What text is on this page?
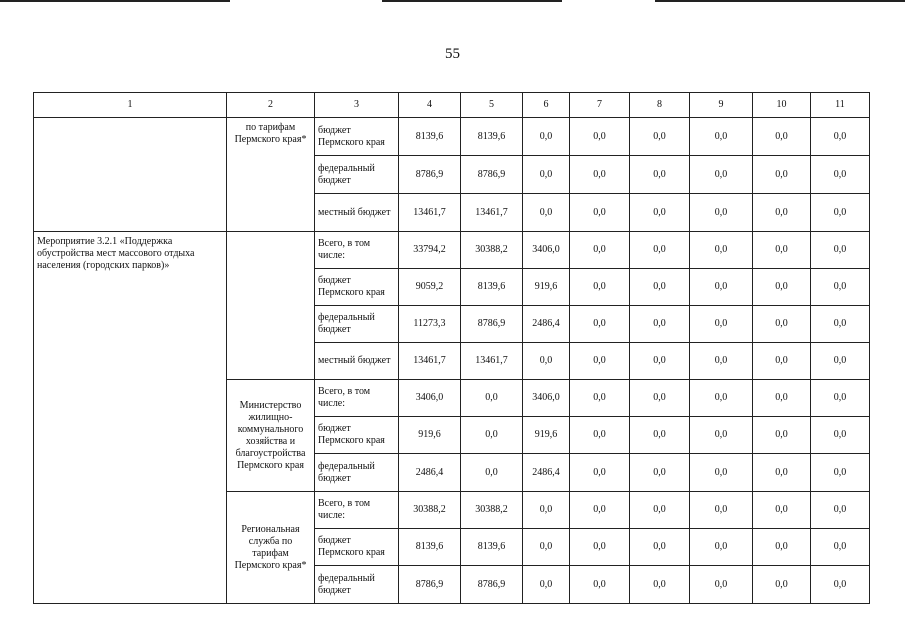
55
1	2	3	4	5	6	7	8	9	10	11
	по тарифам Пермского края*	бюджет Пермского края	8139,6	8139,6	0,0	0,0	0,0	0,0	0,0	0,0
		федеральный бюджет	8786,9	8786,9	0,0	0,0	0,0	0,0	0,0	0,0
		местный бюджет	13461,7	13461,7	0,0	0,0	0,0	0,0	0,0	0,0
Мероприятие 3.2.1 «Поддержка обустройства мест массового отдыха населения (городских парков)»		Всего, в том числе:	33794,2	30388,2	3406,0	0,0	0,0	0,0	0,0	0,0
		бюджет Пермского края	9059,2	8139,6	919,6	0,0	0,0	0,0	0,0	0,0
		федеральный бюджет	11273,3	8786,9	2486,4	0,0	0,0	0,0	0,0	0,0
		местный бюджет	13461,7	13461,7	0,0	0,0	0,0	0,0	0,0	0,0
	Министерство жилищно-коммунального хозяйства и благоустройства Пермского края	Всего, в том числе:	3406,0	0,0	3406,0	0,0	0,0	0,0	0,0	0,0
		бюджет Пермского края	919,6	0,0	919,6	0,0	0,0	0,0	0,0	0,0
		федеральный бюджет	2486,4	0,0	2486,4	0,0	0,0	0,0	0,0	0,0
	Региональная служба по тарифам Пермского края*	Всего, в том числе:	30388,2	30388,2	0,0	0,0	0,0	0,0	0,0	0,0
		бюджет Пермского края	8139,6	8139,6	0,0	0,0	0,0	0,0	0,0	0,0
		федеральный бюджет	8786,9	8786,9	0,0	0,0	0,0	0,0	0,0	0,0
